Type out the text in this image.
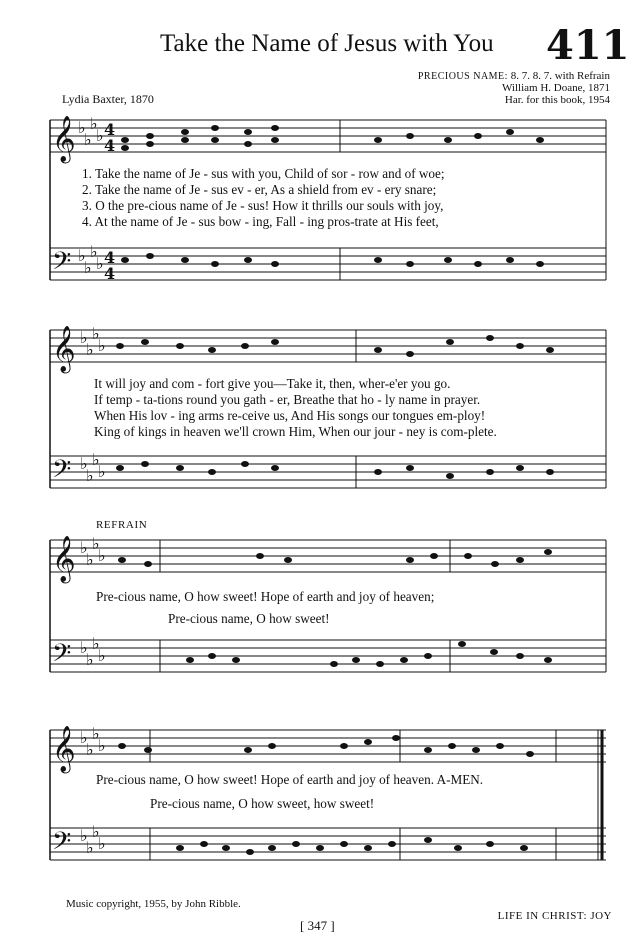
Take the Name of Jesus with You 411
PRECIOUS NAME: 8. 7. 8. 7. with Refrain
William H. Doane, 1871
Har. for this book, 1954
Lydia Baxter, 1870
𝄞
𝄢
𝄞
𝄢
𝄞
𝄢
𝄞
𝄢
♭
♭
♭
♭
♭
♭
♭
♭
♭
♭
♭
♭
♭
♭
♭
♭
♭
♭
♭
♭
♭
♭
♭
♭
♭
♭
♭
♭
♭
♭
♭
♭
4
4
4
4
1. Take the name of Je - sus with you, Child of sor - row and of woe;
2. Take the name of Je - sus ev - er, As a shield from ev - ery snare;
3. O the pre-cious name of Je - sus! How it thrills our souls with joy,
4. At the name of Je - sus bow - ing, Fall - ing pros-trate at His feet,
It will joy and com - fort give you—Take it, then, wher-e'er you go.
If temp - ta-tions round you gath - er, Breathe that ho - ly name in prayer.
When His lov - ing arms re-ceive us, And His songs our tongues em-ploy!
King of kings in heaven we'll crown Him, When our jour - ney is com-plete.
REFRAIN
Pre-cious name, O how sweet! Hope of earth and joy of heaven;
Pre-cious name, O how sweet!
Pre-cious name, O how sweet! Hope of earth and joy of heaven. A-MEN.
Pre-cious name, O how sweet, how sweet!
Music copyright, 1955, by John Ribble.
[ 347 ]
LIFE IN CHRIST: JOY
